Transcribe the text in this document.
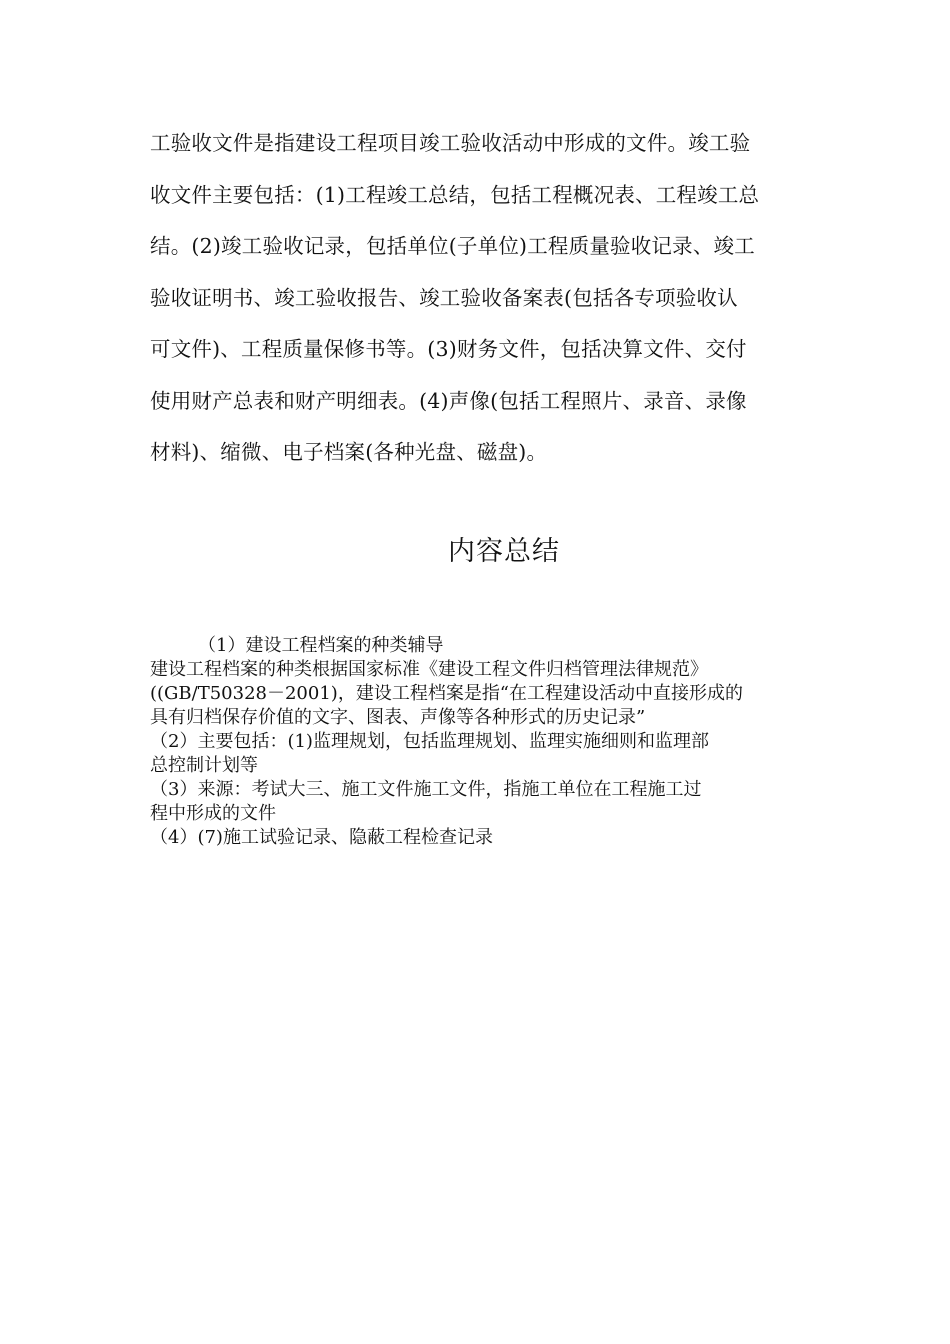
工验收文件是指建设工程项目竣工验收活动中形成的文件。竣工验
收文件主要包括：(1)工程竣工总结，包括工程概况表、工程竣工总
结。(2)竣工验收记录，包括单位(子单位)工程质量验收记录、竣工
验收证明书、竣工验收报告、竣工验收备案表(包括各专项验收认
可文件)、工程质量保修书等。(3)财务文件，包括决算文件、交付
使用财产总表和财产明细表。(4)声像(包括工程照片、录音、录像
材料)、缩微、电子档案(各种光盘、磁盘)。
内容总结
（1）建设工程档案的种类辅导
建设工程档案的种类根据国家标准《建设工程文件归档管理法律规范》
((GB/T50328－2001)，建设工程档案是指“在工程建设活动中直接形成的
具有归档保存价值的文字、图表、声像等各种形式的历史记录”
（2）主要包括：(1)监理规划，包括监理规划、监理实施细则和监理部
总控制计划等
（3）来源：考试大三、施工文件施工文件，指施工单位在工程施工过
程中形成的文件
（4）(7)施工试验记录、隐蔽工程检查记录
